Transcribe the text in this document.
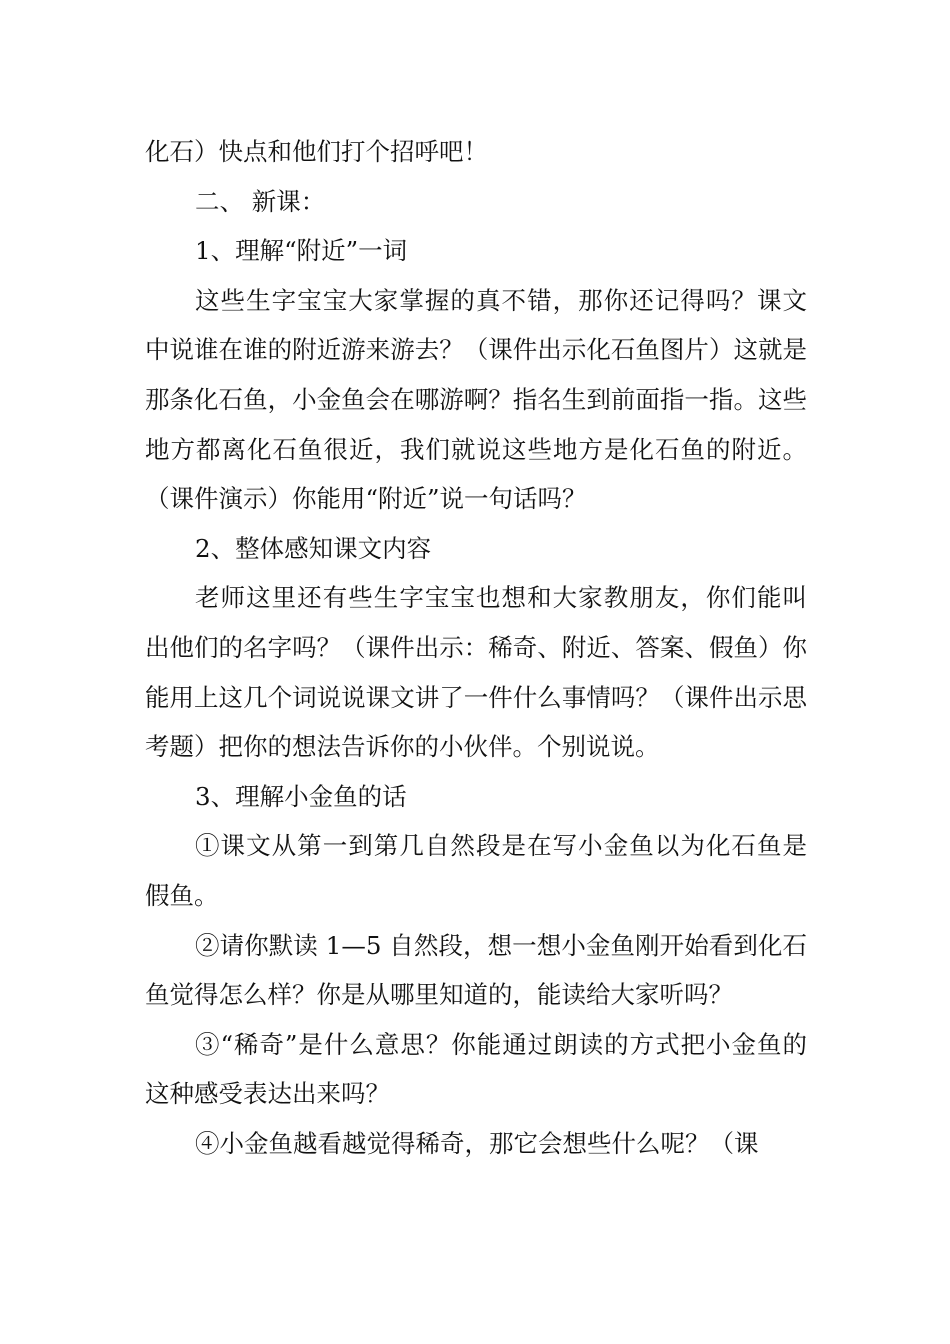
化石）快点和他们打个招呼吧！

二、 新课：

1、理解“附近”一词

这些生字宝宝大家掌握的真不错，那你还记得吗？课文中说谁在谁的附近游来游去？（课件出示化石鱼图片）这就是那条化石鱼，小金鱼会在哪游啊？指名生到前面指一指。这些地方都离化石鱼很近，我们就说这些地方是化石鱼的附近。（课件演示）你能用“附近”说一句话吗？

2、整体感知课文内容

老师这里还有些生字宝宝也想和大家教朋友，你们能叫出他们的名字吗？（课件出示：稀奇、附近、答案、假鱼）你能用上这几个词说说课文讲了一件什么事情吗？（课件出示思考题）把你的想法告诉你的小伙伴。个别说说。

3、理解小金鱼的话

①课文从第一到第几自然段是在写小金鱼以为化石鱼是假鱼。

②请你默读 1—5 自然段，想一想小金鱼刚开始看到化石鱼觉得怎么样？你是从哪里知道的，能读给大家听吗？

③“稀奇”是什么意思？你能通过朗读的方式把小金鱼的这种感受表达出来吗？

④小金鱼越看越觉得稀奇，那它会想些什么呢？（课
